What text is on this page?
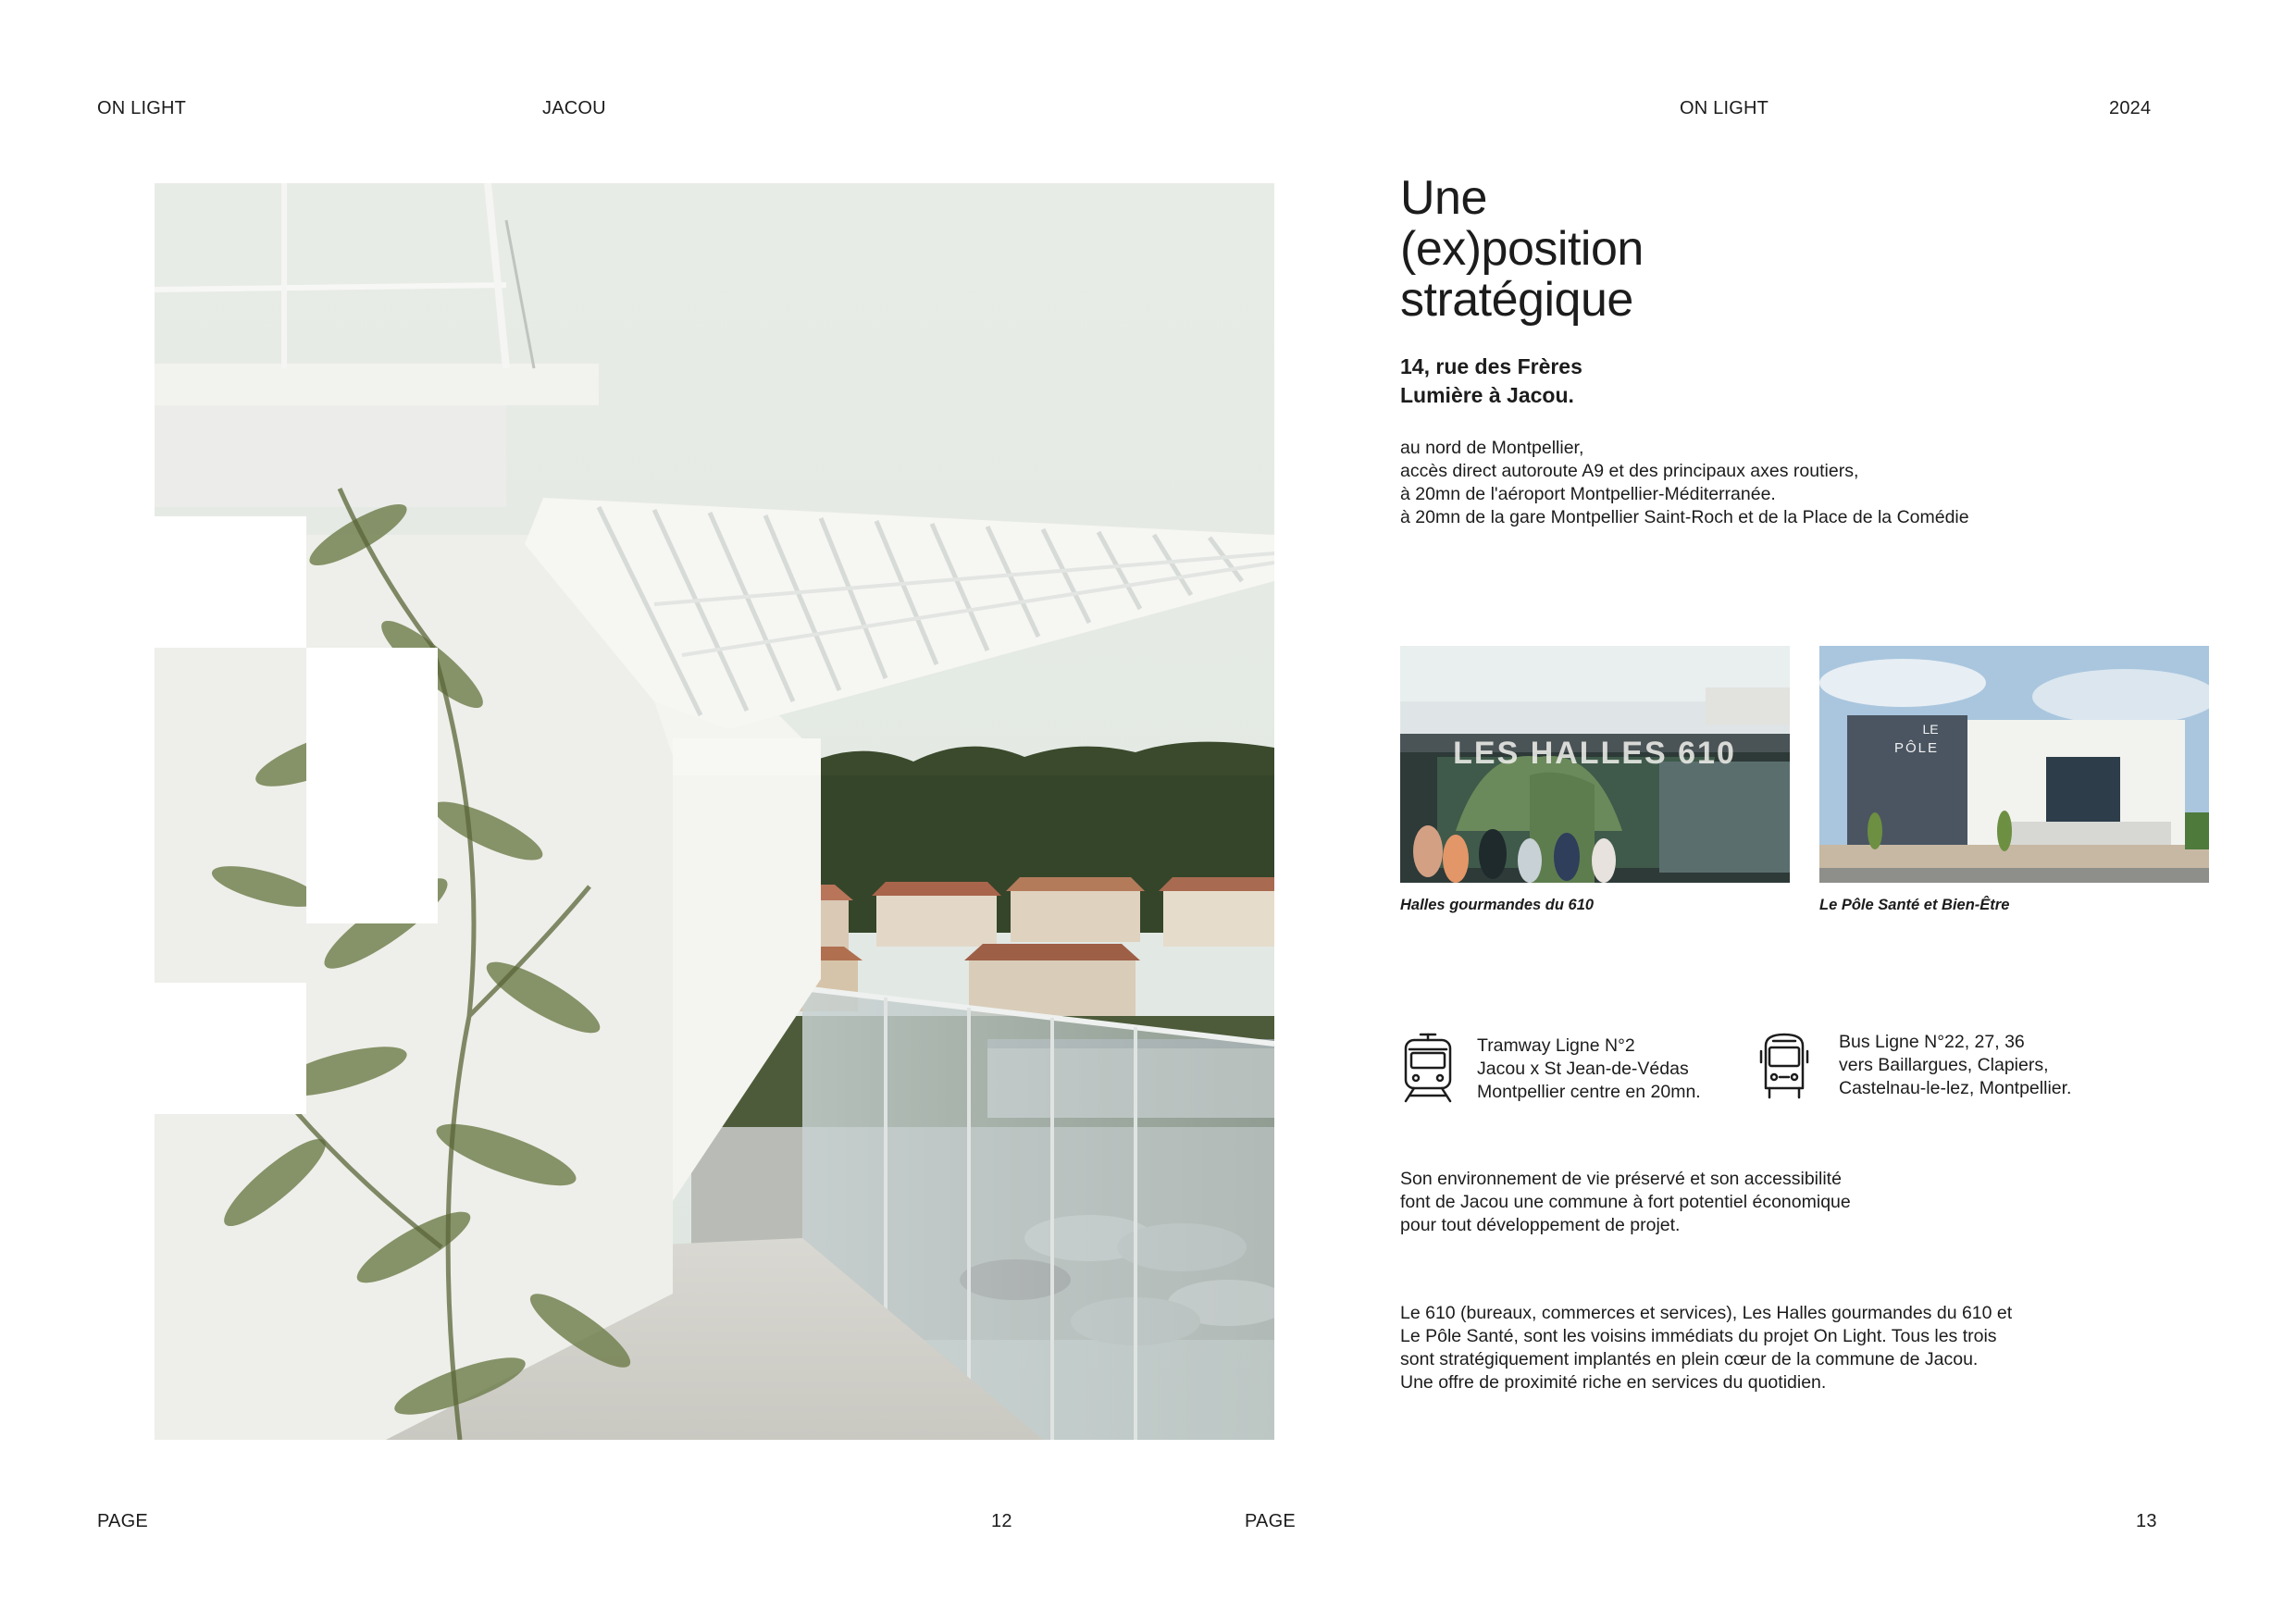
ON LIGHT	JACOU	ON LIGHT	2024
Une
(ex)position
stratégique
14, rue des Frères
Lumière à Jacou.
au nord de Montpellier,
accès direct autoroute A9 et des principaux axes routiers,
à 20mn de l'aéroport Montpellier-Méditerranée.
à 20mn de la gare Montpellier Saint-Roch et de la Place de la Comédie
LES HALLES 610
Halles gourmandes du 610
LE
PÔLE
Le Pôle Santé et Bien-Être
Tramway Ligne N°2
Jacou x St Jean-de-Védas
Montpellier centre en 20mn.
Bus Ligne N°22, 27, 36
vers Baillargues, Clapiers,
Castelnau-le-lez, Montpellier.
Son environnement de vie préservé et son accessibilité
font de Jacou une commune à fort potentiel économique
pour tout développement de projet.
Le 610 (bureaux, commerces et services), Les Halles gourmandes du 610 et
Le Pôle Santé, sont les voisins immédiats du projet On Light. Tous les trois
sont stratégiquement implantés en plein cœur de la commune de Jacou.
Une offre de proximité riche en services du quotidien.
PAGE	12	PAGE	13
